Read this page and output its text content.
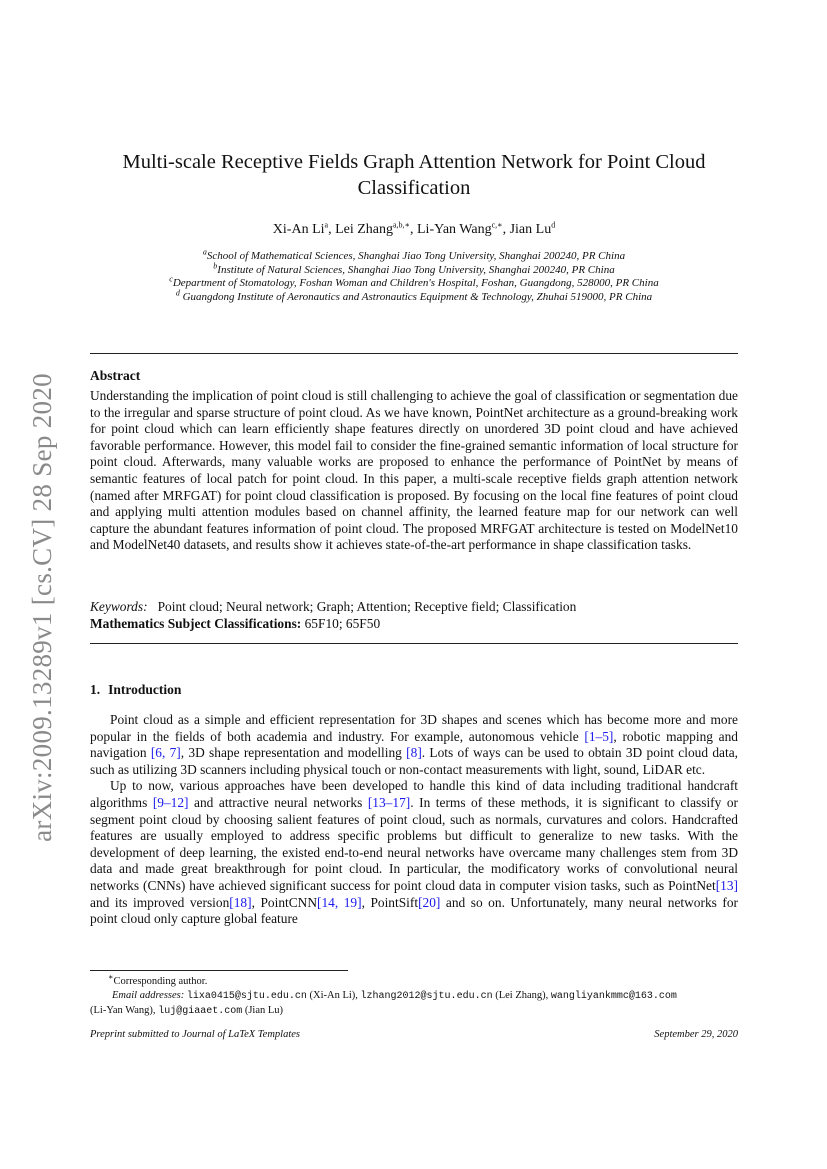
arXiv:2009.13289v1 [cs.CV] 28 Sep 2020
Multi-scale Receptive Fields Graph Attention Network for Point Cloud
Classification
Xi-An Li$^a$, Lei Zhang$^{a,b,∗}$, Li-Yan Wang$^{c,∗}$, Jian Lu$^d$
$^a$School of Mathematical Sciences, Shanghai Jiao Tong University, Shanghai 200240, PR China
$^b$Institute of Natural Sciences, Shanghai Jiao Tong University, Shanghai 200240, PR China
$^c$Department of Stomatology, Foshan Woman and Children's Hospital, Foshan, Guangdong, 528000, PR China
$^d$ Guangdong Institute of Aeronautics and Astronautics Equipment & Technology, Zhuhai 519000, PR China
Abstract
Understanding the implication of point cloud is still challenging to achieve the goal of classification or segmentation due to the irregular and sparse structure of point cloud. As we have known, PointNet architecture as a ground-breaking work for point cloud which can learn efficiently shape features directly on unordered 3D point cloud and have achieved favorable performance. However, this model fail to consider the fine-grained semantic information of local structure for point cloud. Afterwards, many valuable works are proposed to enhance the performance of PointNet by means of semantic features of local patch for point cloud. In this paper, a multi-scale receptive fields graph attention network (named after MRFGAT) for point cloud classification is proposed. By focusing on the local fine features of point cloud and applying multi attention modules based on channel affinity, the learned feature map for our network can well capture the abundant features information of point cloud. The proposed MRFGAT architecture is tested on ModelNet10 and ModelNet40 datasets, and results show it achieves state-of-the-art performance in shape classification tasks.
Keywords: Point cloud; Neural network; Graph; Attention; Receptive field; Classification
Mathematics Subject Classifications: 65F10; 65F50
1. Introduction

Point cloud as a simple and efficient representation for 3D shapes and scenes which has become more and more popular in the fields of both academia and industry. For example, autonomous vehicle [1–5], robotic mapping and navigation [6, 7], 3D shape representation and modelling [8]. Lots of ways can be used to obtain 3D point cloud data, such as utilizing 3D scanners including physical touch or non-contact measurements with light, sound, LiDAR etc.

Up to now, various approaches have been developed to handle this kind of data including traditional handcraft algorithms [9–12] and attractive neural networks [13–17]. In terms of these methods, it is significant to classify or segment point cloud by choosing salient features of point cloud, such as normals, curvatures and colors. Handcrafted features are usually employed to address specific problems but difficult to generalize to new tasks. With the development of deep learning, the existed end-to-end neural networks have overcame many challenges stem from 3D data and made great breakthrough for point cloud. In particular, the modificatory works of convolutional neural networks (CNNs) have achieved significant success for point cloud data in computer vision tasks, such as PointNet[13] and its improved version[18], PointCNN[14, 19], PointSift[20] and so on. Unfortunately, many neural networks for point cloud only capture global feature

∗Corresponding author.
Email addresses: lixa0415@sjtu.edu.cn (Xi-An Li), lzhang2012@sjtu.edu.cn (Lei Zhang), wangliyankmmc@163.com
(Li-Yan Wang), luj@giaaet.com (Jian Lu)
Preprint submitted to Journal of LaTeX Templates	September 29, 2020
